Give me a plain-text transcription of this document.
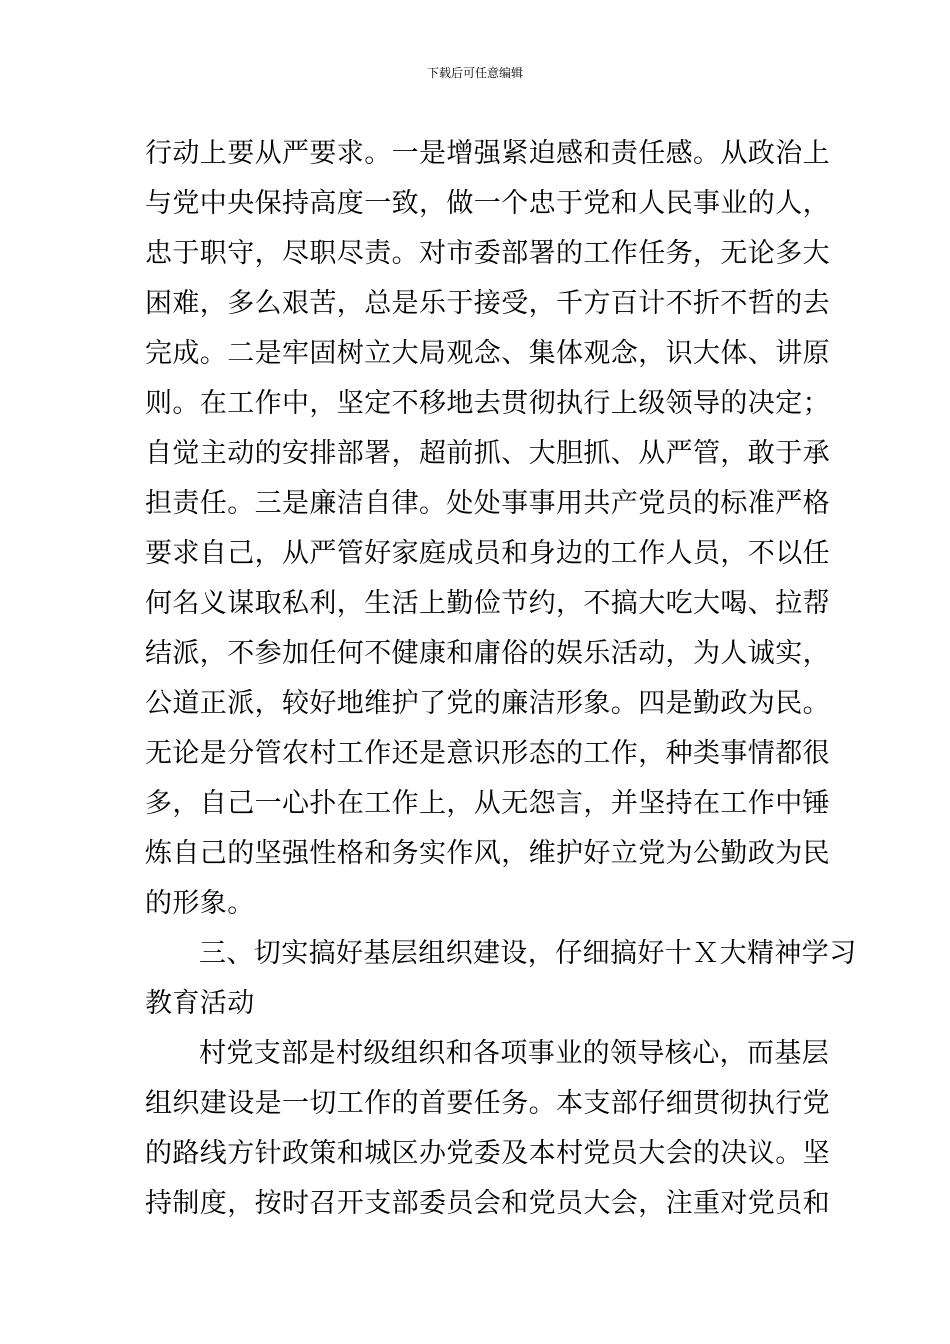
下载后可任意编辑
行动上要从严要求。一是增强紧迫感和责任感。从政治上
与党中央保持高度一致，做一个忠于党和人民事业的人，
忠于职守，尽职尽责。对市委部署的工作任务，无论多大
困难，多么艰苦，总是乐于接受，千方百计不折不哲的去
完成。二是牢固树立大局观念、集体观念，识大体、讲原
则。在工作中，坚定不移地去贯彻执行上级领导的决定；
自觉主动的安排部署，超前抓、大胆抓、从严管，敢于承
担责任。三是廉洁自律。处处事事用共产党员的标准严格
要求自己，从严管好家庭成员和身边的工作人员，不以任
何名义谋取私利，生活上勤俭节约，不搞大吃大喝、拉帮
结派，不参加任何不健康和庸俗的娱乐活动，为人诚实，
公道正派，较好地维护了党的廉洁形象。四是勤政为民。
无论是分管农村工作还是意识形态的工作，种类事情都很
多，自己一心扑在工作上，从无怨言，并坚持在工作中锤
炼自己的坚强性格和务实作风，维护好立党为公勤政为民
的形象。
三、切实搞好基层组织建设，仔细搞好十Ｘ大精神学习
教育活动
村党支部是村级组织和各项事业的领导核心，而基层
组织建设是一切工作的首要任务。本支部仔细贯彻执行党
的路线方针政策和城区办党委及本村党员大会的决议。坚
持制度，按时召开支部委员会和党员大会，注重对党员和
